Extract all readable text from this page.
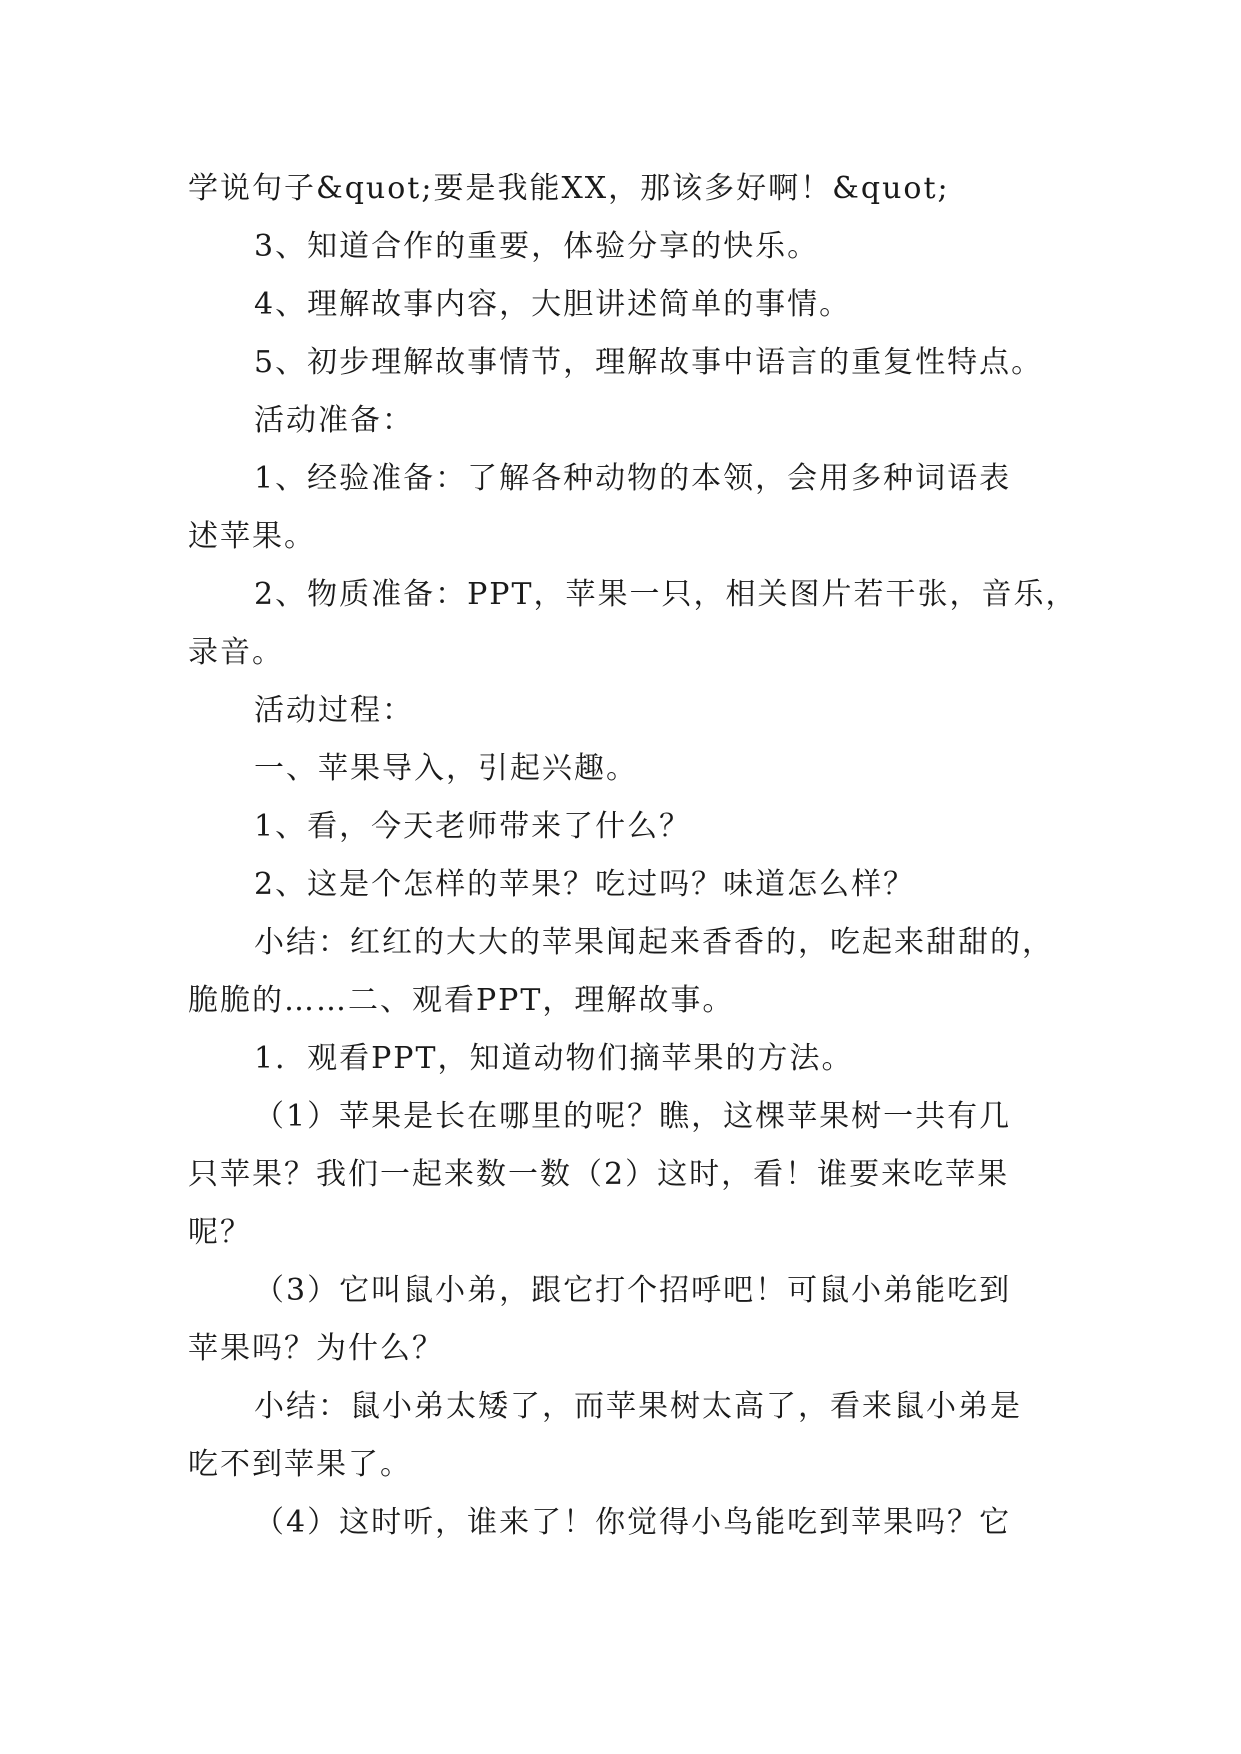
学说句子&quot;要是我能XX，那该多好啊！&quot;

3、知道合作的重要，体验分享的快乐。

4、理解故事内容，大胆讲述简单的事情。

5、初步理解故事情节，理解故事中语言的重复性特点。

活动准备：

1、经验准备：了解各种动物的本领，会用多种词语表

述苹果。

2、物质准备：PPT，苹果一只，相关图片若干张，音乐，

录音。

活动过程：

一、苹果导入，引起兴趣。

1、看，今天老师带来了什么？

2、这是个怎样的苹果？吃过吗？味道怎么样？

小结：红红的大大的苹果闻起来香香的，吃起来甜甜的，

脆脆的……二、观看PPT，理解故事。

1．观看PPT，知道动物们摘苹果的方法。

（1）苹果是长在哪里的呢？瞧，这棵苹果树一共有几

只苹果？我们一起来数一数（2）这时，看！谁要来吃苹果

呢？

（3）它叫鼠小弟，跟它打个招呼吧！可鼠小弟能吃到

苹果吗？为什么？

小结：鼠小弟太矮了，而苹果树太高了，看来鼠小弟是

吃不到苹果了。

（4）这时听，谁来了！你觉得小鸟能吃到苹果吗？它
